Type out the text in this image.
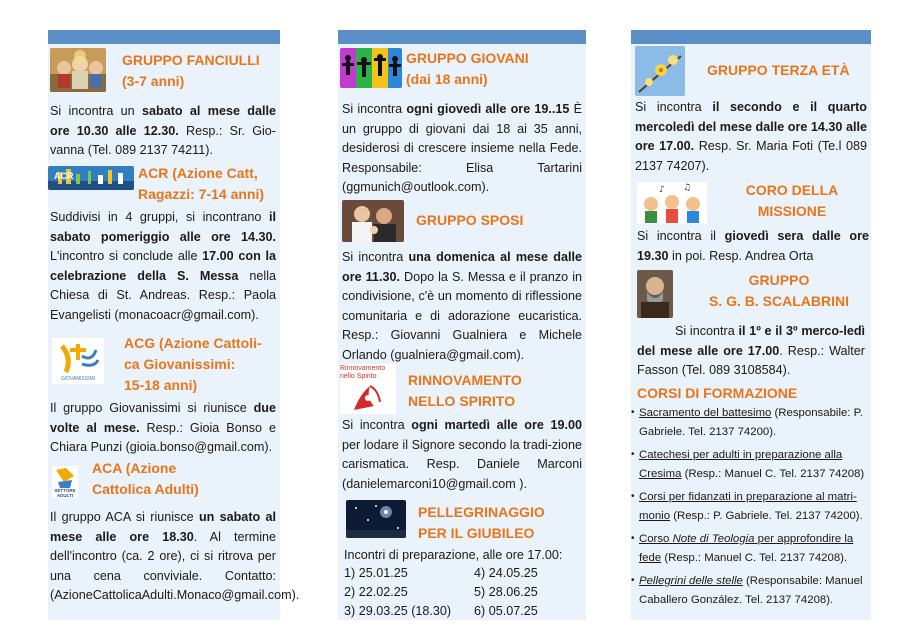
GRUPPO FANCIULLI
(3-7 anni)
Si incontra un sabato al mese dalle ore 10.30 alle 12.30. Resp.: Sr. Gio-vanna (Tel. 089 2137 74211).
ACR	ACR (Azione Catt,
Ragazzi: 7-14 anni)
Suddivisi in 4 gruppi, si incontrano il sabato pomeriggio alle ore 14.30. L'incontro si conclude alle 17.00 con la celebrazione della S. Messa nella Chiesa di St. Andreas. Resp.: Paola Evangelisti (monacoacr@gmail.com).
GIOVANISSIMI
ACG (Azione Cattoli-
ca Giovanissimi:
15-18 anni)
Il gruppo Giovanissimi si riunisce due volte al mese. Resp.: Gioia Bonso e Chiara Punzi (gioia.bonso@gmail.com).
SETTORE
ADULTI
ACA (Azione
Cattolica Adulti)
Il gruppo ACA si riunisce un sabato al mese alle ore 18.30. Al termine dell'incontro (ca. 2 ore), ci si ritrova per una cena conviviale. Contatto: (AzioneCattolicaAdulti.Monaco@gmail.com).
GRUPPO GIOVANI
(dai 18 anni)
Si incontra ogni giovedì alle ore 19..15 È un gruppo di giovani dai 18 ai 35 anni, desiderosi di crescere insieme nella Fede. Responsabile: Elisa Tartarini (ggmunich@outlook.com).
GRUPPO SPOSI
Si incontra una domenica al mese dalle ore 11.30. Dopo la S. Messa e il pranzo in condivisione, c'è un momento di riflessione comunitaria e di adorazione eucaristica. Resp.: Giovanni Gualniera e Michele Orlando (gualniera@gmail.com).
Rinnovamento
nello Spirito	RINNOVAMENTO
NELLO SPIRITO
Si incontra ogni martedì alle ore 19.00 per lodare il Signore secondo la tradi-zione carismatica. Resp. Daniele Marconi (danielemarconi10@gmail.com ).
PELLEGRINAGGIO
PER IL GIUBILEO
Incontri di preparazione, alle ore 17.00:
1) 25.01.25	4) 24.05.25
2) 22.02.25	5) 28.06.25
3) 29.03.25 (18.30)	6) 05.07.25
GRUPPO TERZA ETÀ
Si incontra il secondo e il quarto mercoledì del mese dalle ore 14.30 alle ore 17.00. Resp. Sr. Maria Foti (Te.l 089 2137 74207).
♪ ♫	CORO DELLA
MISSIONE
Si incontra il giovedì sera dalle ore 19.30 in poi. Resp. Andrea Orta
GRUPPO
S. G. B. SCALABRINI
Si incontra il 1º e il 3º merco-ledì del mese alle ore 17.00. Resp.: Walter Fasson (Tel. 089 3108584).
CORSI DI FORMAZIONE
• Sacramento del battesimo (Responsabile: P. Gabriele. Tel. 2137 74200).
• Catechesi per adulti in preparazione alla Cresima (Resp.: Manuel C. Tel. 2137 74208)
• Corsi per fidanzati in preparazione al matri-monio (Resp.: P. Gabriele. Tel. 2137 74200).
• Corso Note di Teologia per approfondire la fede (Resp.: Manuel C. Tel. 2137 74208).
• Pellegrini delle stelle (Responsabile: Manuel Caballero González. Tel. 2137 74208).
